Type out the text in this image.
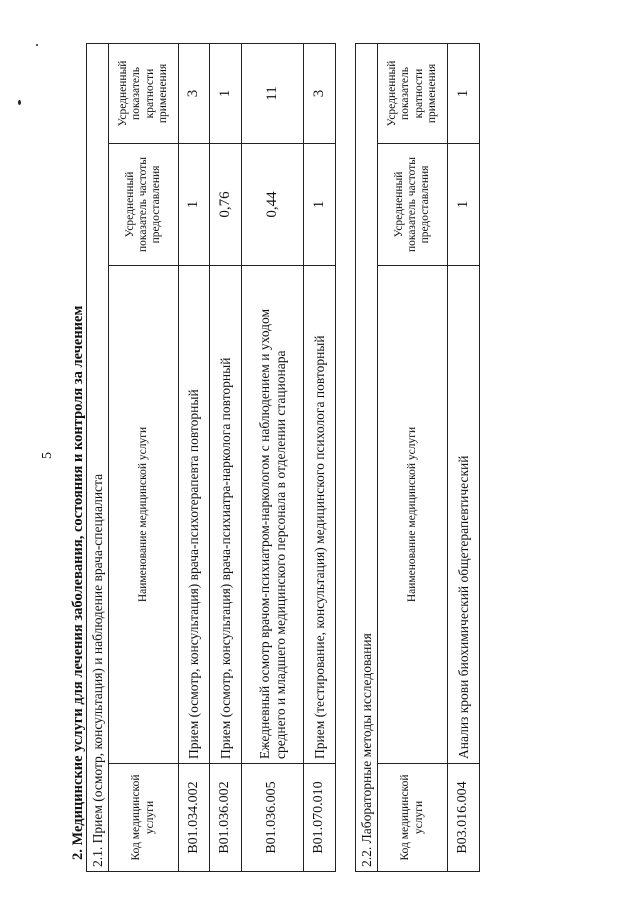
5 2. Медицинские услуги для лечения заболевания, состояния и контроля за лечением 2.1. Прием (осмотр, консультация) и наблюдение врача-специалиста			
Код медицинской услуги	Наименование медицинской услуги	Усредненный показатель частоты предоставления	Усредненный показатель кратности применения
B01.034.002	Прием (осмотр, консультация) врача-психотерапевта повторный	1	3
B01.036.002	Прием (осмотр, консультация) врача-психиатра-нарколога повторный	0,76	1
B01.036.005	Ежедневный осмотр врачом-психиатром-наркологом с наблюдением и уходом среднего и младшего медицинского персонала в отделении стационара	0,44	11
B01.070.010	Прием (тестирование, консультация) медицинского психолога повторный	1	3
2.2. Лабораторные методы исследования			
Код медицинской услуги	Наименование медицинской услуги	Усредненный показатель частоты предоставления	Усредненный показатель кратности применения
B03.016.004	Анализ крови биохимический общетерапевтический	1	1
